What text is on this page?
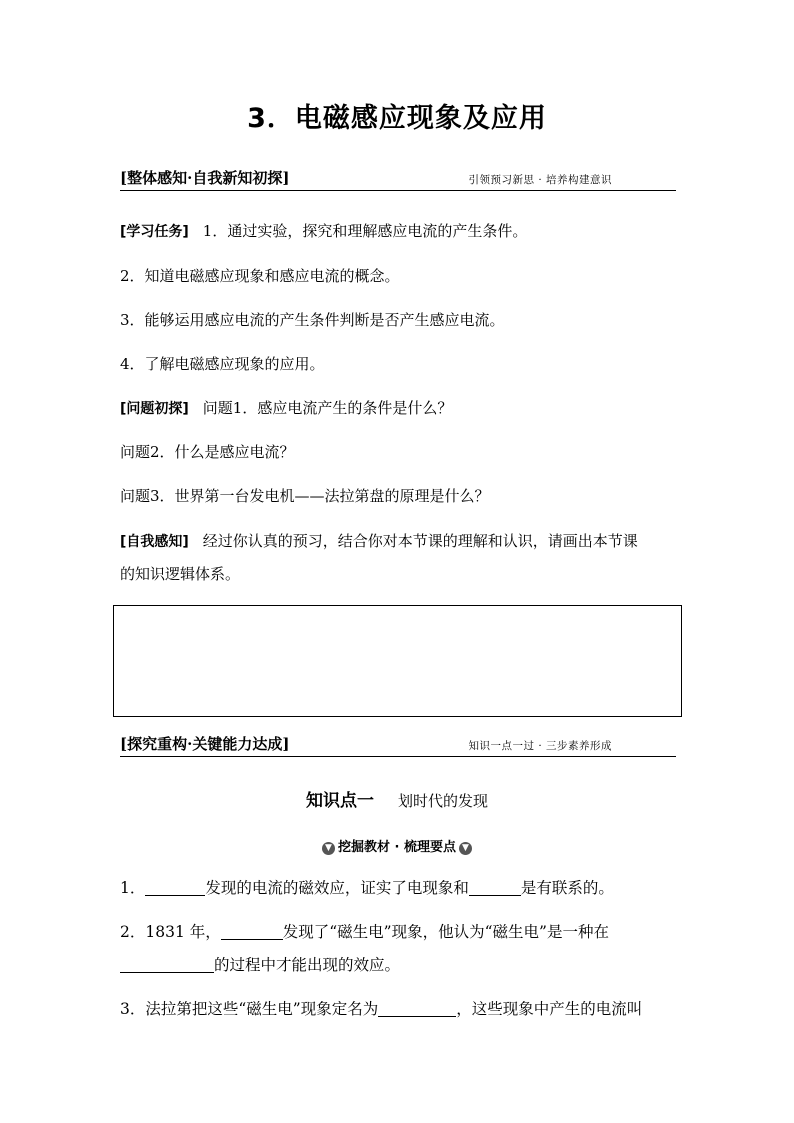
3．电磁感应现象及应用
[整体感知·自我新知初探]	引领预习新思 · 培养构建意识
[学习任务] 1．通过实验，探究和理解感应电流的产生条件。
2．知道电磁感应现象和感应电流的概念。
3．能够运用感应电流的产生条件判断是否产生感应电流。
4．了解电磁感应现象的应用。
[问题初探] 问题1．感应电流产生的条件是什么？
问题2．什么是感应电流？
问题3．世界第一台发电机——法拉第盘的原理是什么？
[自我感知] 经过你认真的预习，结合你对本节课的理解和认识，请画出本节课
的知识逻辑体系。
[探究重构·关键能力达成]	知识一点一过 · 三步素养形成
知识点一 划时代的发现
▼ 挖掘教材 · 梳理要点 ▼
1．	发现的电流的磁效应，证实了电现象和	是有联系的。
2．1831 年，	发现了“磁生电”现象，他认为“磁生电”是一种在
的过程中才能出现的效应。
3．法拉第把这些“磁生电”现象定名为	，这些现象中产生的电流叫
